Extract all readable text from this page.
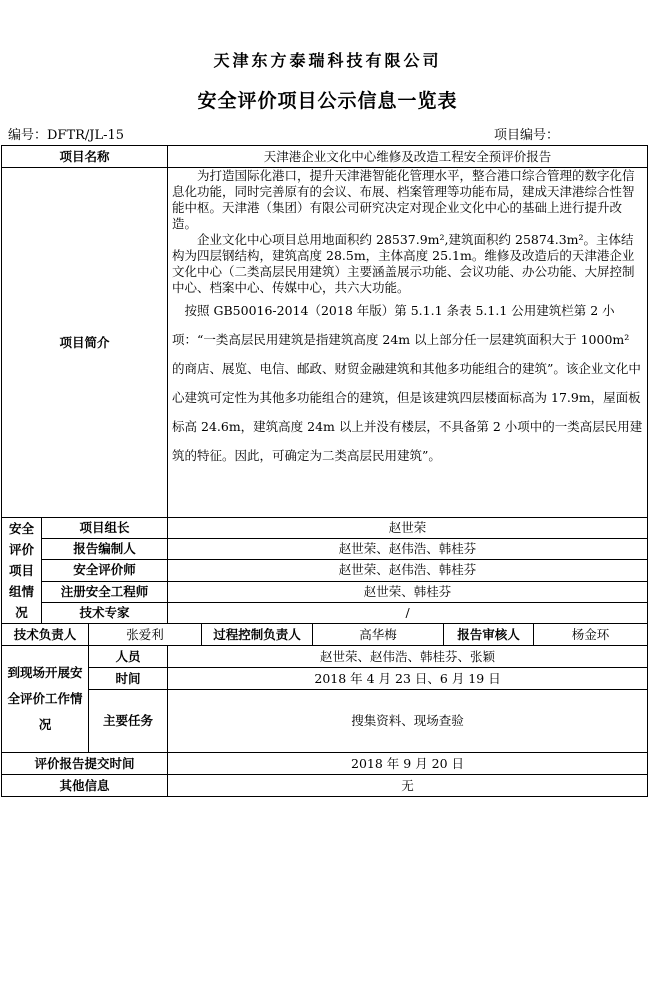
天津东方泰瑞科技有限公司
安全评价项目公示信息一览表
编号：DFTR/JL-15	项目编号：
项目名称			天津港企业文化中心维修及改造工程安全预评价报告				
项目简介			为打造国际化港口，提升天津港智能化管理水平，整合港口综合管理的数字化信息化功能，同时完善原有的会议、布展、档案管理等功能布局，建成天津港综合性智能中枢。天津港（集团）有限公司研究决定对现企业文化中心的基础上进行提升改造。

企业文化中心项目总用地面积约 28537.9m²,建筑面积约 25874.3m²。主体结构为四层钢结构，建筑高度 28.5m，主体高度 25.1m。维修及改造后的天津港企业文化中心（二类高层民用建筑）主要涵盖展示功能、会议功能、办公功能、大屏控制中心、档案中心、传媒中心，共六大功能。

按照 GB50016-2014（2018 年版）第 5.1.1 条表 5.1.1 公用建筑栏第 2 小项：“一类高层民用建筑是指建筑高度 24m 以上部分任一层建筑面积大于 1000m² 的商店、展览、电信、邮政、财贸金融建筑和其他多功能组合的建筑”。该企业文化中心建筑可定性为其他多功能组合的建筑，但是该建筑四层楼面标高为 17.9m，屋面板标高 24.6m，建筑高度 24m 以上并没有楼层，不具备第 2 小项中的一类高层民用建筑的特征。因此，可确定为二类高层民用建筑”。				

安全评价项目组情况	项目组长		赵世荣				
	报告编制人		赵世荣、赵伟浩、韩桂芬				
	安全评价师		赵世荣、赵伟浩、韩桂芬				
	注册安全工程师		赵世荣、韩桂芬				
	技术专家		/				
技术负责人		张爱利		过程控制负责人	高华梅	报告审核人	杨金环

到现场开展安全评价工作情况		人员	赵世荣、赵伟浩、韩桂芬、张颖				
		时间	2018 年 4 月 23 日、6 月 19 日				
		主要任务	搜集资料、现场查验				
评价报告提交时间			2018 年 9 月 20 日				
其他信息			无				
